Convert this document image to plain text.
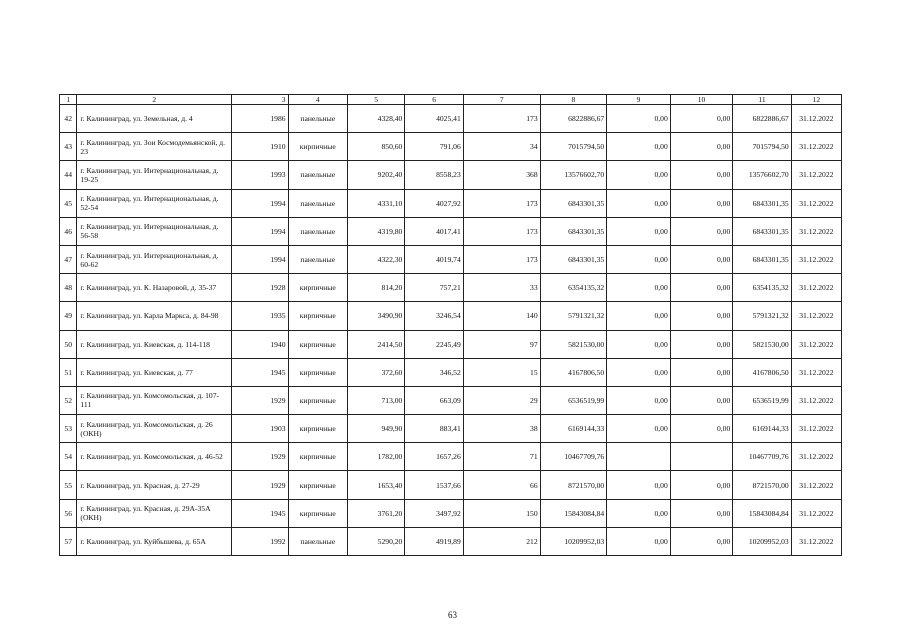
1	2	3	4	5	6	7	8	9	10	11	12
42	г. Калининград, ул. Земельная, д. 4	1986	панельные	4328,40	4025,41	173	6822886,67	0,00	0,00	6822886,67	31.12.2022
43	г. Калининград, ул. Зои Космодемьянской, д. 23	1910	кирпичные	850,60	791,06	34	7015794,50	0,00	0,00	7015794,50	31.12.2022
44	г. Калининград, ул. Интернациональная, д. 19-25	1993	панельные	9202,40	8558,23	368	13576602,70	0,00	0,00	13576602,70	31.12.2022
45	г. Калининград, ул. Интернациональная, д. 52-54	1994	панельные	4331,10	4027,92	173	6843301,35	0,00	0,00	6843301,35	31.12.2022
46	г. Калининград, ул. Интернациональная, д. 56-58	1994	панельные	4319,80	4017,41	173	6843301,35	0,00	0,00	6843301,35	31.12.2022
47	г. Калининград, ул. Интернациональная, д. 60-62	1994	панельные	4322,30	4019,74	173	6843301,35	0,00	0,00	6843301,35	31.12.2022
48	г. Калининград, ул. К. Назаровой, д. 35-37	1928	кирпичные	814,20	757,21	33	6354135,32	0,00	0,00	6354135,32	31.12.2022
49	г. Калининград, ул. Карла Маркса, д. 84-98	1935	кирпичные	3490,90	3246,54	140	5791321,32	0,00	0,00	5791321,32	31.12.2022
50	г. Калининград, ул. Киевская, д. 114-118	1940	кирпичные	2414,50	2245,49	97	5821530,00	0,00	0,00	5821530,00	31.12.2022
51	г. Калининград, ул. Киевская, д. 77	1945	кирпичные	372,60	346,52	15	4167806,50	0,00	0,00	4167806,50	31.12.2022
52	г. Калининград, ул. Комсомольская, д. 107-111	1929	кирпичные	713,00	663,09	29	6536519,99	0,00	0,00	6536519,99	31.12.2022
53	г. Калининград, ул. Комсомольская, д. 26 (ОКН)	1903	кирпичные	949,90	883,41	38	6169144,33	0,00	0,00	6169144,33	31.12.2022
54	г. Калининград, ул. Комсомольская, д. 46-52	1929	кирпичные	1782,00	1657,26	71	10467709,76			10467709,76	31.12.2022
55	г. Калининград, ул. Красная, д. 27-29	1929	кирпичные	1653,40	1537,66	66	8721570,00	0,00	0,00	8721570,00	31.12.2022
56	г. Калининград, ул. Красная, д. 29А-35А (ОКН)	1945	кирпичные	3761,20	3497,92	150	15843084,84	0,00	0,00	15843084,84	31.12.2022
57	г. Калининград, ул. Куйбышева, д. 65А	1992	панельные	5290,20	4919,89	212	10209952,03	0,00	0,00	10209952,03	31.12.2022
63
